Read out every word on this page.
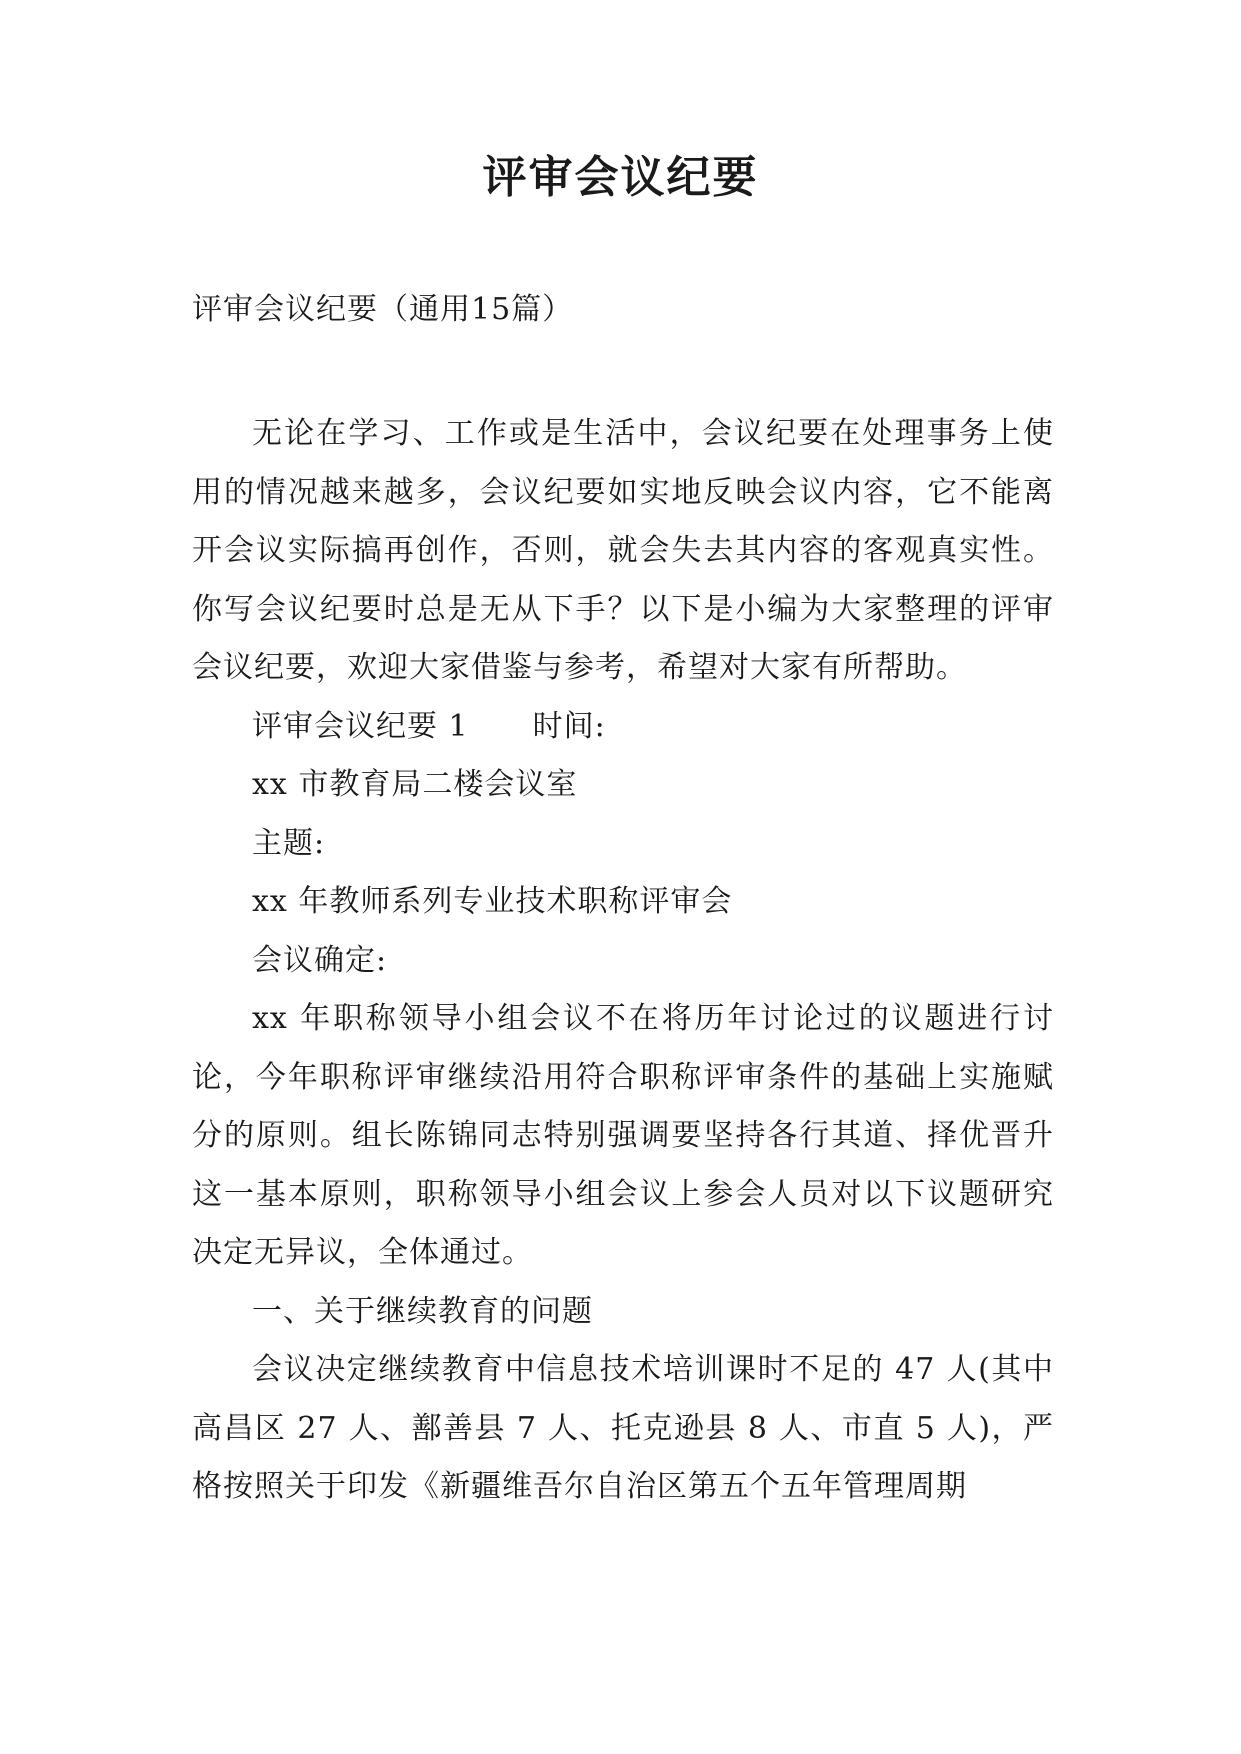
评审会议纪要

评审会议纪要（通用15篇）

无论在学习、工作或是生活中，会议纪要在处理事务上使用的情况越来越多，会议纪要如实地反映会议内容，它不能离开会议实际搞再创作，否则，就会失去其内容的客观真实性。你写会议纪要时总是无从下手？以下是小编为大家整理的评审会议纪要，欢迎大家借鉴与参考，希望对大家有所帮助。

评审会议纪要 1 时间:

xx 市教育局二楼会议室

主题:

xx 年教师系列专业技术职称评审会

会议确定:

xx 年职称领导小组会议不在将历年讨论过的议题进行讨论，今年职称评审继续沿用符合职称评审条件的基础上实施赋分的原则。组长陈锦同志特别强调要坚持各行其道、择优晋升这一基本原则，职称领导小组会议上参会人员对以下议题研究决定无异议，全体通过。

一、关于继续教育的问题

会议决定继续教育中信息技术培训课时不足的 47 人(其中高昌区 27 人、鄯善县 7 人、托克逊县 8 人、市直 5 人)，严格按照关于印发《新疆维吾尔自治区第五个五年管理周期
